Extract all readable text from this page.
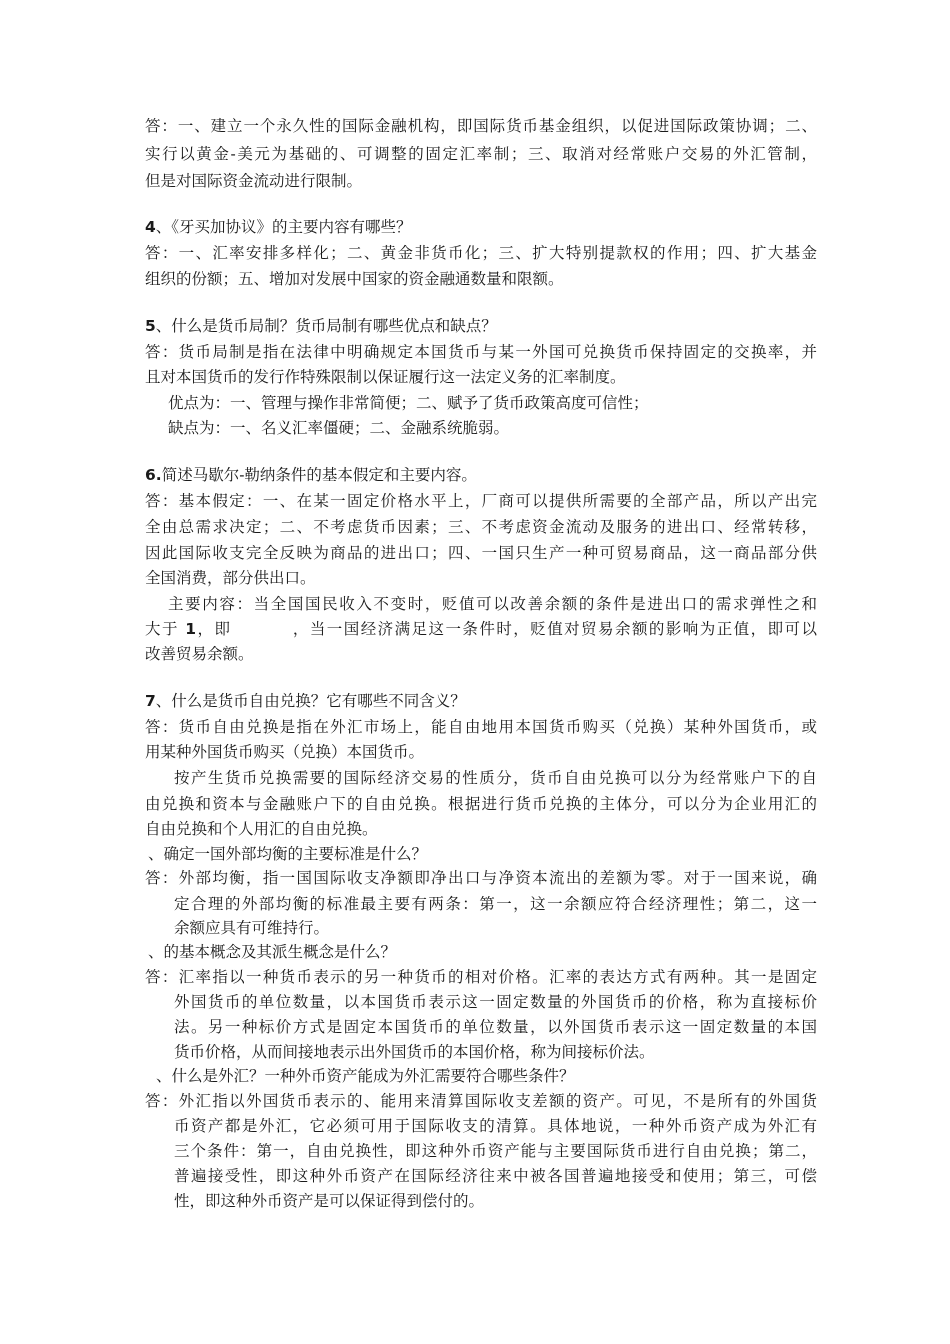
答：一、建立一个永久性的国际金融机构，即国际货币基金组织，以促进国际政策协调；二、
实行以黄金-美元为基础的、可调整的固定汇率制；三、取消对经常账户交易的外汇管制，
但是对国际资金流动进行限制。
4、《牙买加协议》的主要内容有哪些？
答：一、汇率安排多样化；二、黄金非货币化；三、扩大特别提款权的作用；四、扩大基金
组织的份额；五、增加对发展中国家的资金融通数量和限额。
5、什么是货币局制？货币局制有哪些优点和缺点？
答：货币局制是指在法律中明确规定本国货币与某一外国可兑换货币保持固定的交换率，并
且对本国货币的发行作特殊限制以保证履行这一法定义务的汇率制度。
优点为：一、管理与操作非常简便；二、赋予了货币政策高度可信性；
缺点为：一、名义汇率僵硬；二、金融系统脆弱。
6.简述马歇尔-勒纳条件的基本假定和主要内容。
答：基本假定：一、在某一固定价格水平上，厂商可以提供所需要的全部产品，所以产出完
全由总需求决定；二、不考虑货币因素；三、不考虑资金流动及服务的进出口、经常转移，
因此国际收支完全反映为商品的进出口；四、一国只生产一种可贸易商品，这一商品部分供
全国消费，部分供出口。
主要内容：当全国国民收入不变时，贬值可以改善余额的条件是进出口的需求弹性之和
大于 1，即	，当一国经济满足这一条件时，贬值对贸易余额的影响为正值，即可以
改善贸易余额。
7、什么是货币自由兑换？它有哪些不同含义？
答：货币自由兑换是指在外汇市场上，能自由地用本国货币购买（兑换）某种外国货币，或
用某种外国货币购买（兑换）本国货币。
按产生货币兑换需要的国际经济交易的性质分，货币自由兑换可以分为经常账户下的自
由兑换和资本与金融账户下的自由兑换。根据进行货币兑换的主体分，可以分为企业用汇的
自由兑换和个人用汇的自由兑换。
、确定一国外部均衡的主要标准是什么？
答：外部均衡，指一国国际收支净额即净出口与净资本流出的差额为零。对于一国来说，确
定合理的外部均衡的标准最主要有两条：第一，这一余额应符合经济理性；第二，这一
余额应具有可维持行。
、的基本概念及其派生概念是什么？
答：汇率指以一种货币表示的另一种货币的相对价格。汇率的表达方式有两种。其一是固定
外国货币的单位数量，以本国货币表示这一固定数量的外国货币的价格，称为直接标价
法。另一种标价方式是固定本国货币的单位数量，以外国货币表示这一固定数量的本国
货币价格，从而间接地表示出外国货币的本国价格，称为间接标价法。
、什么是外汇？一种外币资产能成为外汇需要符合哪些条件？
答：外汇指以外国货币表示的、能用来清算国际收支差额的资产。可见，不是所有的外国货
币资产都是外汇，它必须可用于国际收支的清算。具体地说，一种外币资产成为外汇有
三个条件：第一，自由兑换性，即这种外币资产能与主要国际货币进行自由兑换；第二，
普遍接受性，即这种外币资产在国际经济往来中被各国普遍地接受和使用；第三，可偿
性，即这种外币资产是可以保证得到偿付的。
